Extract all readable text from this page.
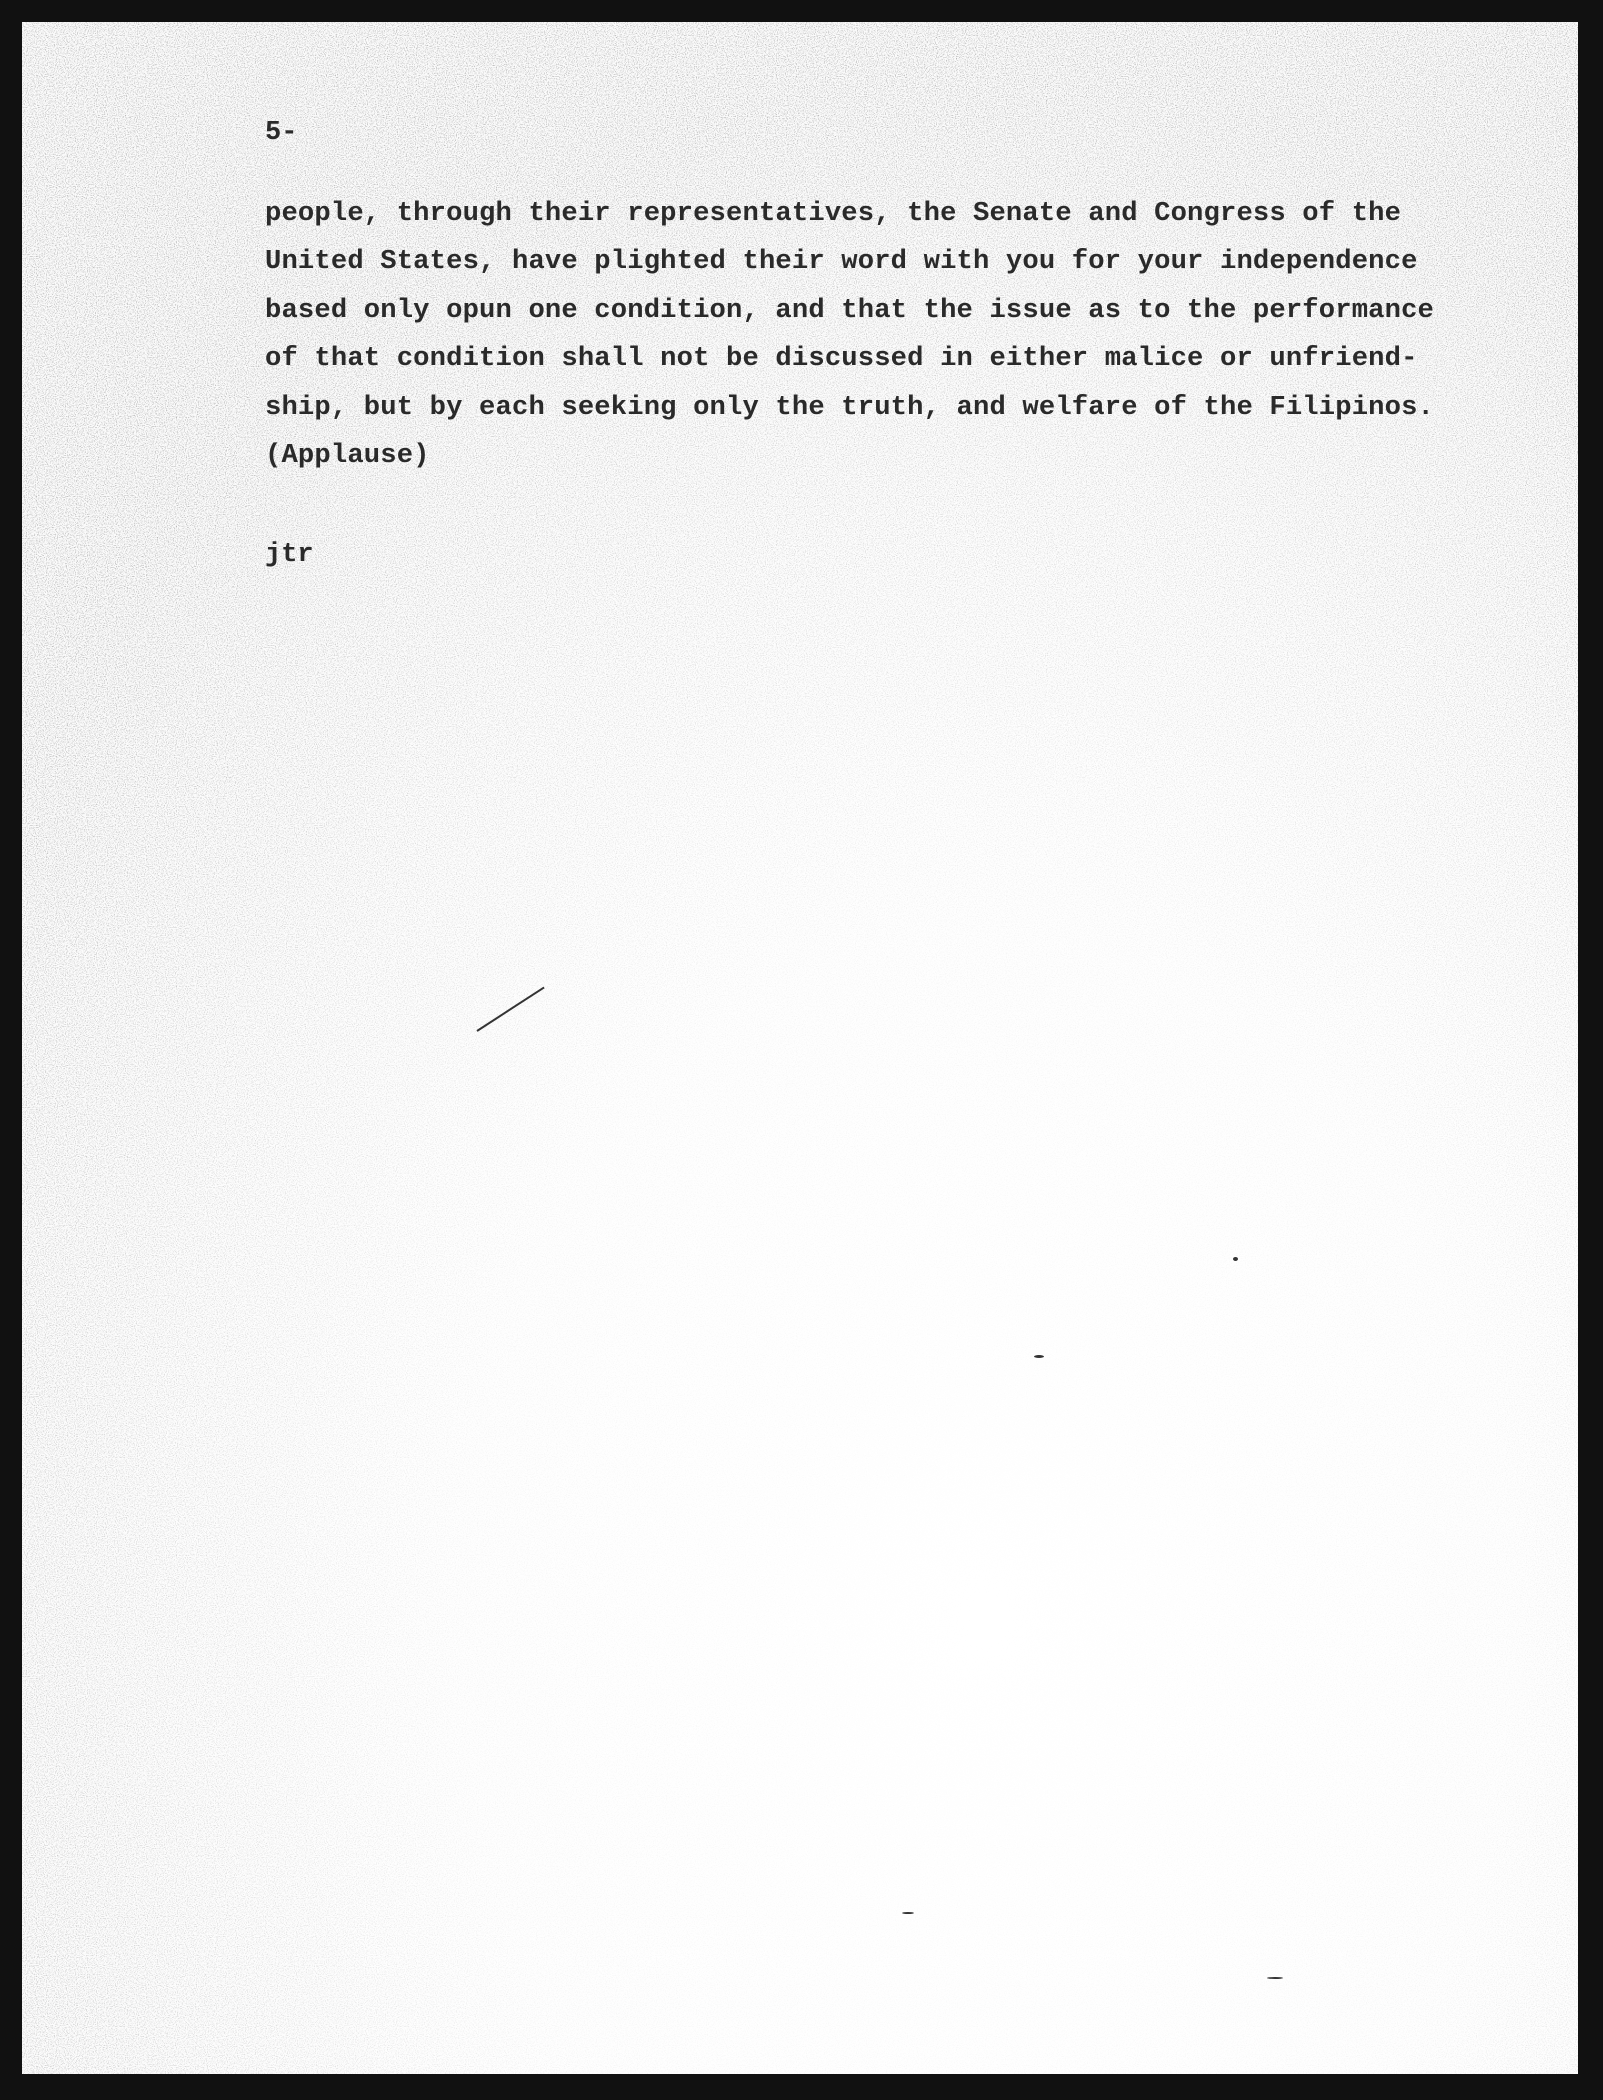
5-
people, through their representatives, the Senate and Congress of the
United States, have plighted their word with you for your independence
based only opun one condition, and that the issue as to the performance
of that condition shall not be discussed in either malice or unfriend-
ship, but by each seeking only the truth, and welfare of the Filipinos.
(Applause)
jtr
